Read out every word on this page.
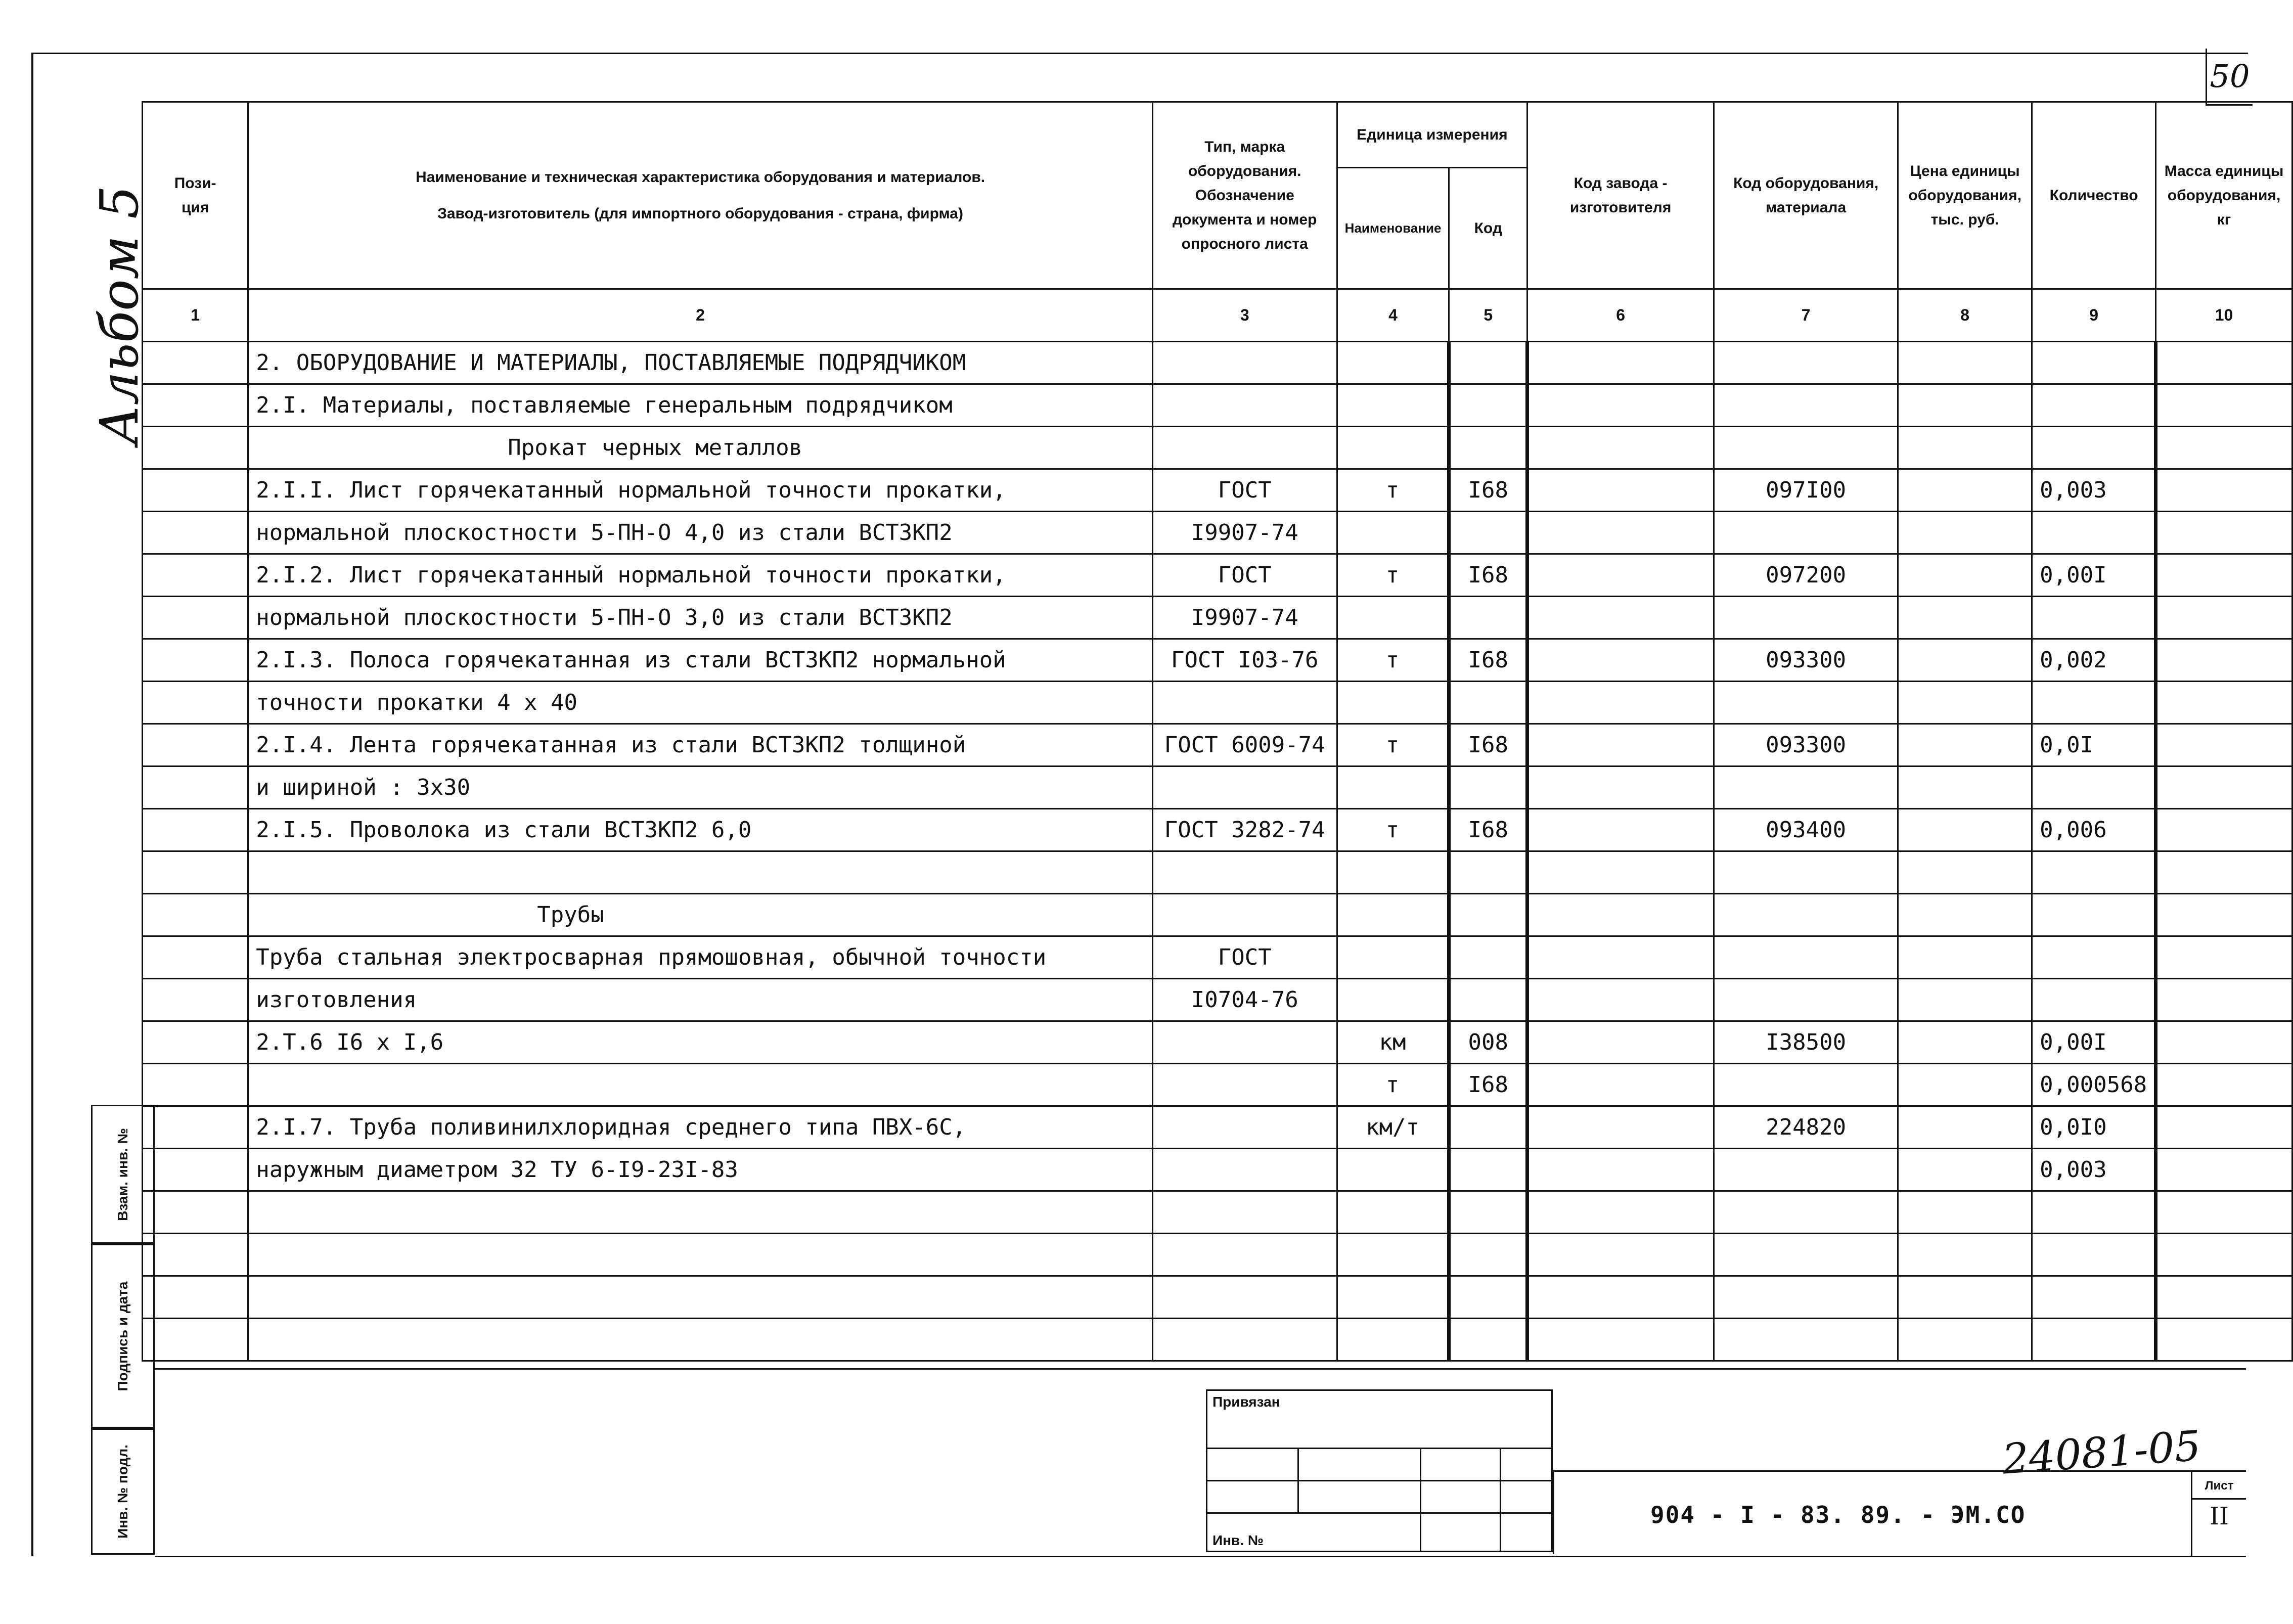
50
Альбом 5
Взам. инв. №
Подпись и дата
Инв. № подл.
Пози-
ция	Наименование и техническая характеристика оборудования и материалов.
Завод-изготовитель (для импортного оборудования - страна, фирма)	Тип, марка оборудования. Обозначение документа и номер опросного листа	Единица измерения		Код завода - изготовителя	Код оборудования, материала	Цена единицы оборудования, тыс. руб.	Количество	Масса единицы оборудования, кг
			Наименование	Код					
1	2	3	4	5	6	7	8	9	10
	2. ОБОРУДОВАНИЕ И МАТЕРИАЛЫ, ПОСТАВЛЯЕМЫЕ ПОДРЯДЧИКОМ								
	2.I. Материалы, поставляемые генеральным подрядчиком								
	Прокат черных металлов								
	2.I.I. Лист горячекатанный нормальной точности прокатки,	ГОСТ	т	I68		097I00		0,003	
	нормальной плоскостности 5-ПН-О 4,0 из стали ВСТЗКП2	I9907-74							
	2.I.2. Лист горячекатанный нормальной точности прокатки,	ГОСТ	т	I68		097200		0,00I	
	нормальной плоскостности 5-ПН-О 3,0 из стали ВСТЗКП2	I9907-74							
	2.I.3. Полоса горячекатанная из стали ВСТЗКП2 нормальной	ГОСТ I03-76	т	I68		093300		0,002	
	точности прокатки 4 х 40								
	2.I.4. Лента горячекатанная из стали ВСТЗКП2 толщиной	ГОСТ 6009-74	т	I68		093300		0,0I	
	и шириной : 3х30								
	2.I.5. Проволока из стали ВСТЗКП2 6,0	ГОСТ 3282-74	т	I68		093400		0,006	

	Трубы								
	Труба стальная электросварная прямошовная, обычной точности	ГОСТ							
	изготовления	I0704-76							
	2.Т.6 I6 х I,6		км	008		I38500		0,00I	
			т	I68				0,000568	
	2.I.7. Труба поливинилхлоридная среднего типа ПВХ-6С,		км/т			224820		0,0I0	
	наружным диаметром 32 ТУ 6-I9-23I-83							0,003	

Привязан
Инв. №
24081-05
904 - I - 83. 89. - ЭМ.СО
Лист
II
